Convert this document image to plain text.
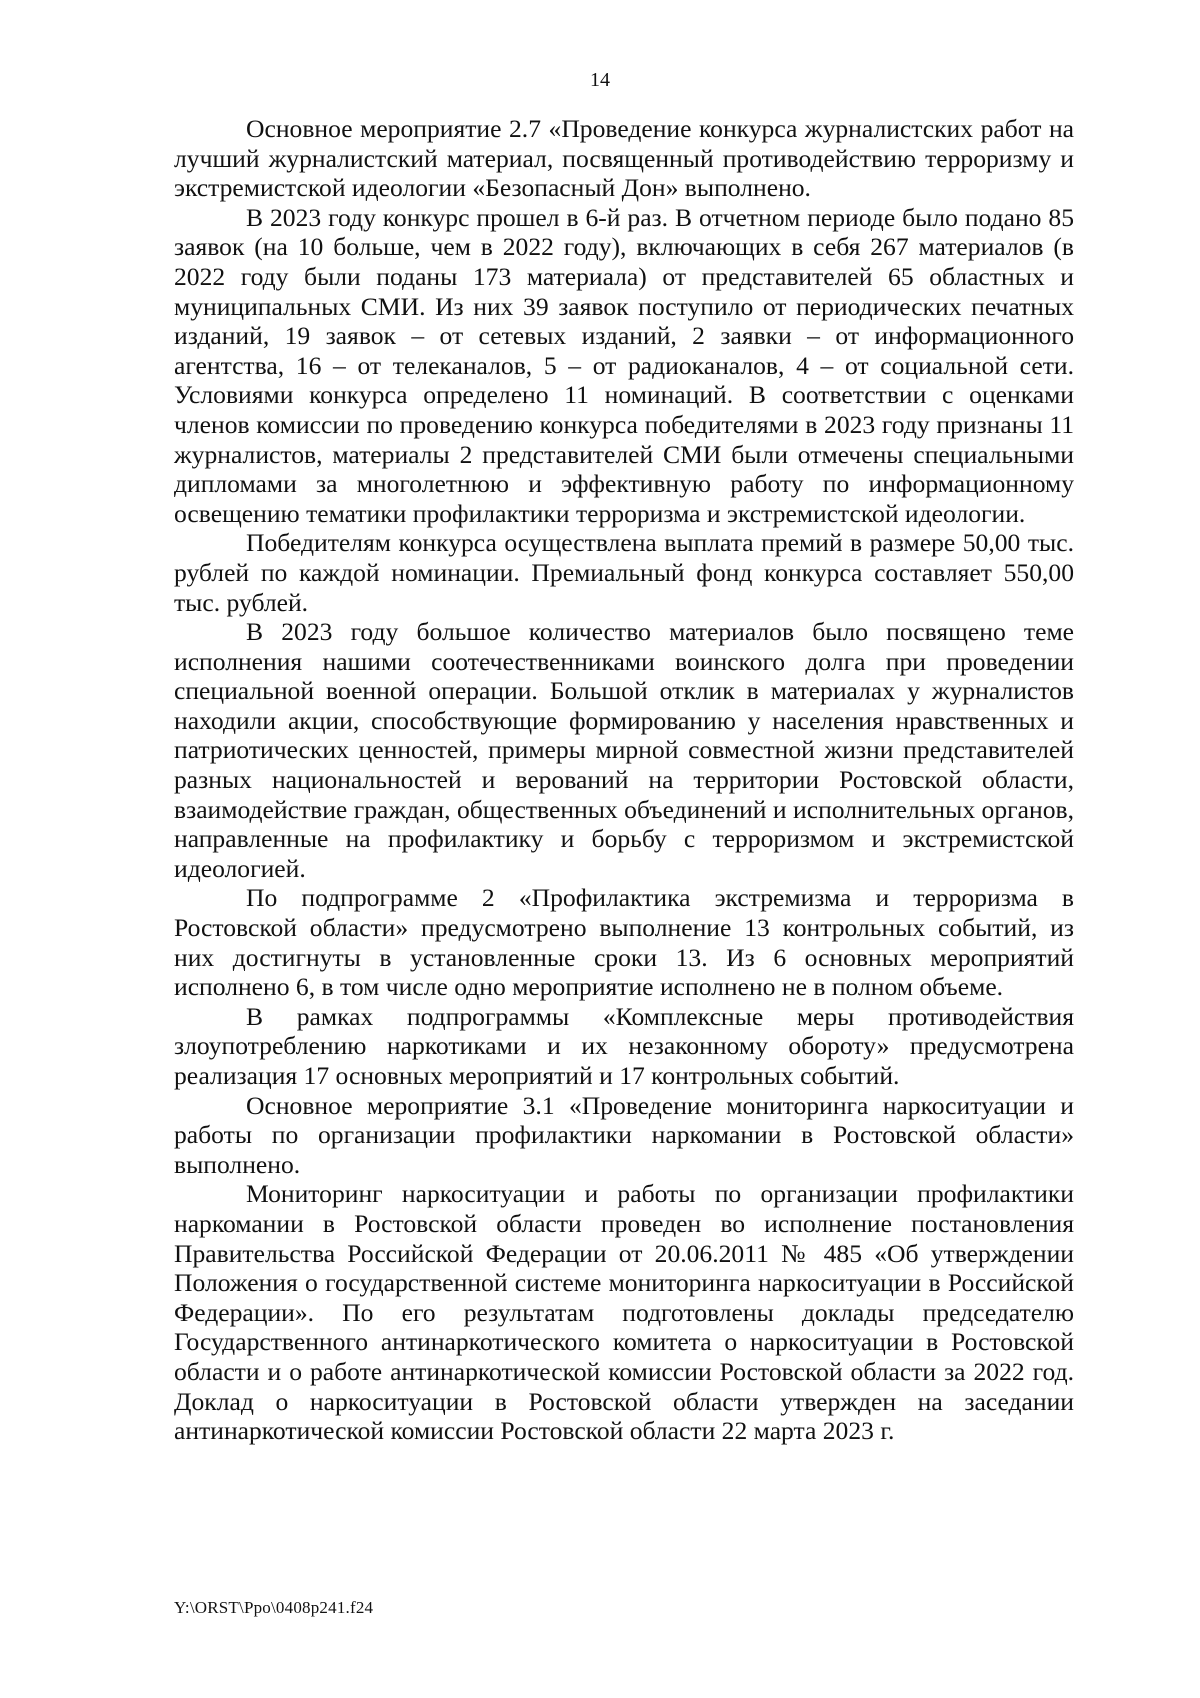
14

Основное мероприятие 2.7 «Проведение конкурса журналистских работ на лучший журналистский материал, посвященный противодействию терроризму и экстремистской идеологии «Безопасный Дон» выполнено.

В 2023 году конкурс прошел в 6-й раз. В отчетном периоде было подано 85 заявок (на 10 больше, чем в 2022 году), включающих в себя 267 материалов (в 2022 году были поданы 173 материала) от представителей 65 областных и муниципальных СМИ. Из них 39 заявок поступило от периодических печатных изданий, 19 заявок – от сетевых изданий, 2 заявки – от информационного агентства, 16 – от телеканалов, 5 – от радиоканалов, 4 – от социальной сети. Условиями конкурса определено 11 номинаций. В соответствии с оценками членов комиссии по проведению конкурса победителями в 2023 году признаны 11 журналистов, материалы 2 представителей СМИ были отмечены специальными дипломами за многолетнюю и эффективную работу по информационному освещению тематики профилактики терроризма и экстремистской идеологии.

Победителям конкурса осуществлена выплата премий в размере 50,00 тыс. рублей по каждой номинации. Премиальный фонд конкурса составляет 550,00 тыс. рублей.

В 2023 году большое количество материалов было посвящено теме исполнения нашими соотечественниками воинского долга при проведении специальной военной операции. Большой отклик в материалах у журналистов находили акции, способствующие формированию у населения нравственных и патриотических ценностей, примеры мирной совместной жизни представителей разных национальностей и верований на территории Ростовской области, взаимодействие граждан, общественных объединений и исполнительных органов, направленные на профилактику и борьбу с терроризмом и экстремистской идеологией.

По подпрограмме 2 «Профилактика экстремизма и терроризма в Ростовской области» предусмотрено выполнение 13 контрольных событий, из них достигнуты в установленные сроки 13. Из 6 основных мероприятий исполнено 6, в том числе одно мероприятие исполнено не в полном объеме.

В рамках подпрограммы «Комплексные меры противодействия злоупотреблению наркотиками и их незаконному обороту» предусмотрена реализация 17 основных мероприятий и 17 контрольных событий.

Основное мероприятие 3.1 «Проведение мониторинга наркоситуации и работы по организации профилактики наркомании в Ростовской области» выполнено.

Мониторинг наркоситуации и работы по организации профилактики наркомании в Ростовской области проведен во исполнение постановления Правительства Российской Федерации от 20.06.2011 № 485 «Об утверждении Положения о государственной системе мониторинга наркоситуации в Российской Федерации». По его результатам подготовлены доклады председателю Государственного антинаркотического комитета о наркоситуации в Ростовской области и о работе антинаркотической комиссии Ростовской области за 2022 год. Доклад о наркоситуации в Ростовской области утвержден на заседании антинаркотической комиссии Ростовской области 22 марта 2023 г.

Y:\ORST\Ppo\0408p241.f24
